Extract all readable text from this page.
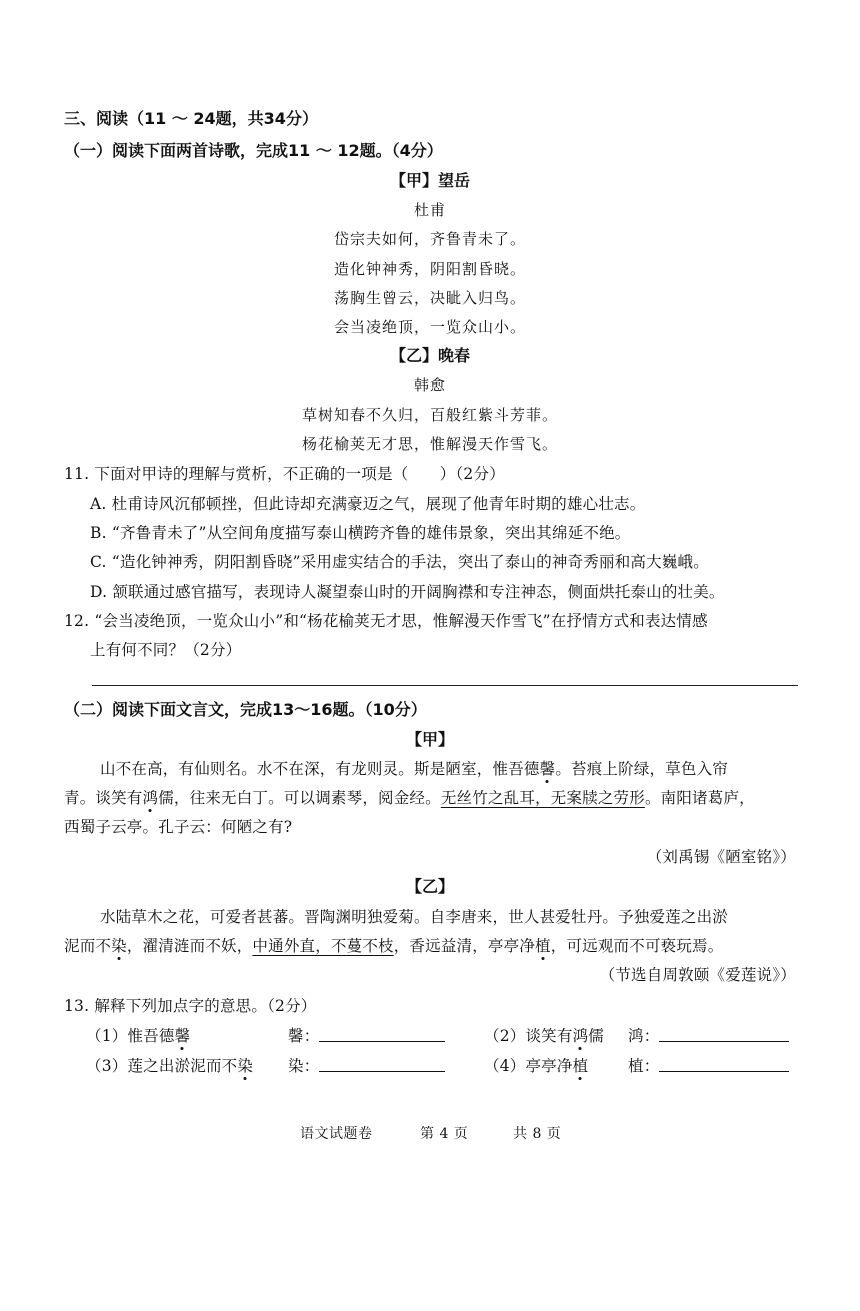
三、阅读（11 ～ 24题，共34分）
（一）阅读下面两首诗歌，完成11 ～ 12题。（4分）
【甲】望岳
杜甫
岱宗夫如何，齐鲁青未了。
造化钟神秀，阴阳割昏晓。
荡胸生曾云，决眦入归鸟。
会当凌绝顶，一览众山小。
【乙】晚春
韩愈
草树知春不久归，百般红紫斗芳菲。
杨花榆荚无才思，惟解漫天作雪飞。
11. 下面对甲诗的理解与赏析，不正确的一项是（　　）（2分）
A. 杜甫诗风沉郁顿挫，但此诗却充满豪迈之气，展现了他青年时期的雄心壮志。
B. “齐鲁青未了”从空间角度描写泰山横跨齐鲁的雄伟景象，突出其绵延不绝。
C. “造化钟神秀，阴阳割昏晓”采用虚实结合的手法，突出了泰山的神奇秀丽和高大巍峨。
D. 颔联通过感官描写，表现诗人凝望泰山时的开阔胸襟和专注神态，侧面烘托泰山的壮美。
12. “会当凌绝顶，一览众山小”和“杨花榆荚无才思，惟解漫天作雪飞”在抒情方式和表达情感
上有何不同？（2分）
（二）阅读下面文言文，完成13～16题。（10分）
【甲】
山不在高，有仙则名。水不在深，有龙则灵。斯是陋室，惟吾德馨。苔痕上阶绿，草色入帘
青。谈笑有鸿儒，往来无白丁。可以调素琴，阅金经。无丝竹之乱耳，无案牍之劳形。南阳诸葛庐，
西蜀子云亭。孔子云：何陋之有?
（刘禹锡《陋室铭》）
【乙】
水陆草木之花，可爱者甚蕃。晋陶渊明独爱菊。自李唐来，世人甚爱牡丹。予独爱莲之出淤
泥而不染，濯清涟而不妖，中通外直，不蔓不枝，香远益清，亭亭净植，可远观而不可亵玩焉。
（节选自周敦颐《爱莲说》）
13. 解释下列加点字的意思。（2分）
（1）惟吾德馨	馨：	（2）谈笑有鸿儒 鸿：
（3）莲之出淤泥而不染 染：	（4）亭亭净植	植：
语文试题卷	第 4 页	共 8 页
